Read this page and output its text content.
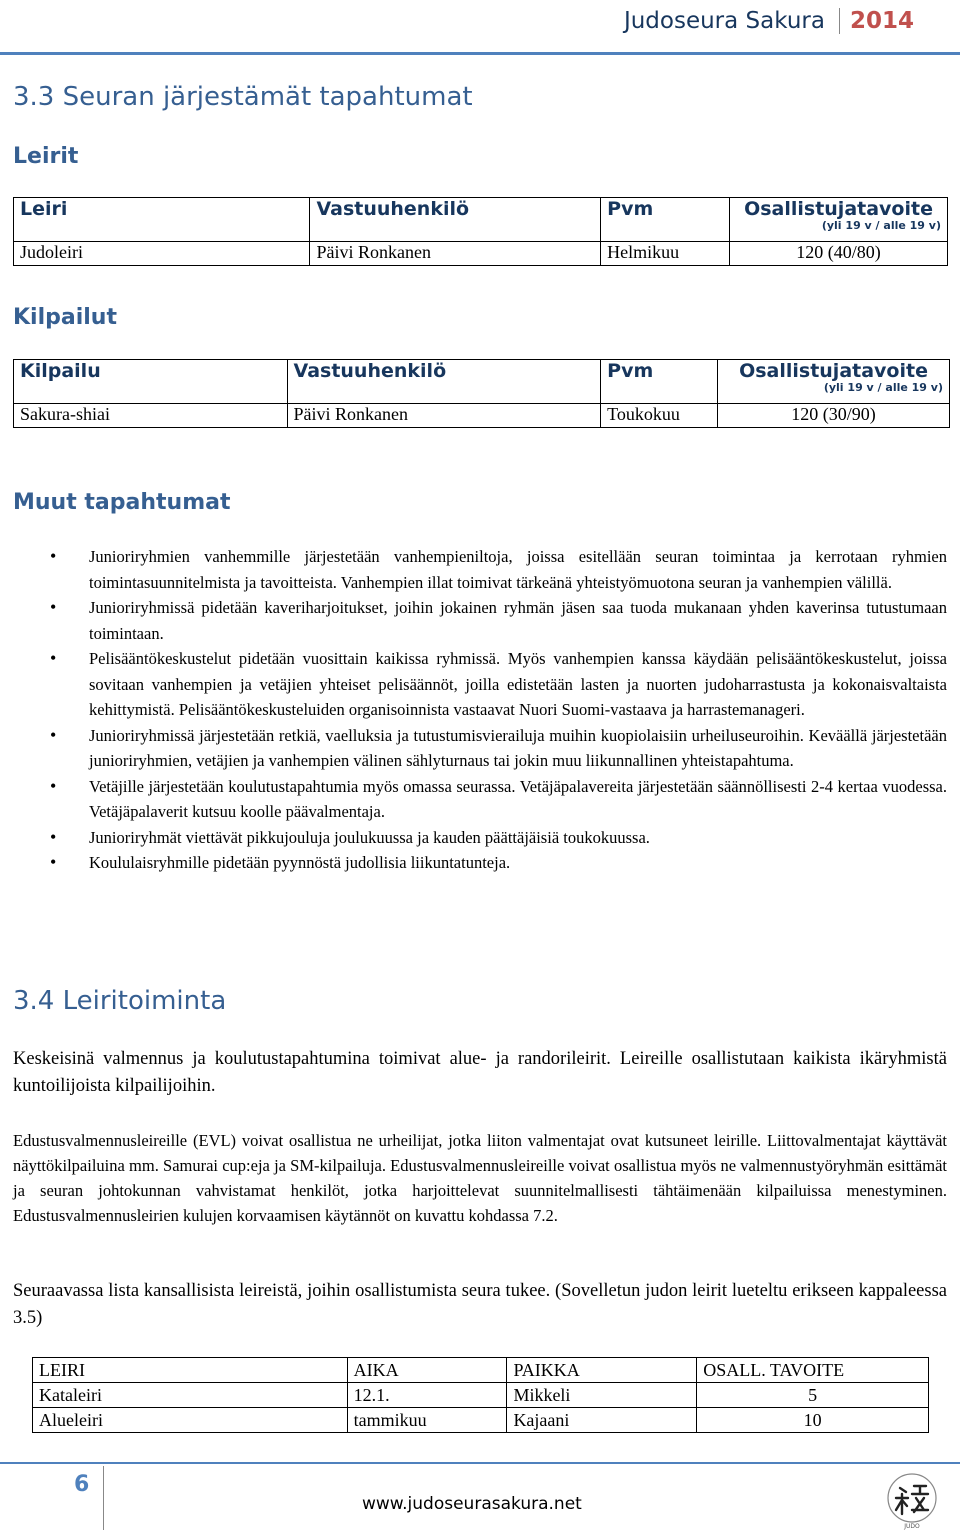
Judoseura Sakura	2014
3.3 Seuran järjestämät tapahtumat
Leirit
Leiri	Vastuuhenkilö	Pvm	Osallistujatavoite
(yli 19 v / alle 19 v)

Judoleiri	Päivi Ronkanen	Helmikuu	120 (40/80)
Kilpailut
Kilpailu	Vastuuhenkilö	Pvm	Osallistujatavoite
(yli 19 v / alle 19 v)

Sakura-shiai	Päivi Ronkanen	Toukokuu	120 (30/90)
Muut tapahtumat
• Junioriryhmien vanhemmille järjestetään vanhempieniltoja, joissa esitellään seuran toimintaa ja kerrotaan ryhmien toimintasuunnitelmista ja tavoitteista. Vanhempien illat toimivat tärkeänä yhteistyömuotona seuran ja vanhempien välillä.
• Junioriryhmissä pidetään kaveriharjoitukset, joihin jokainen ryhmän jäsen saa tuoda mukanaan yhden kaverinsa tutustumaan toimintaan.
• Pelisääntökeskustelut pidetään vuosittain kaikissa ryhmissä. Myös vanhempien kanssa käydään pelisääntökeskustelut, joissa sovitaan vanhempien ja vetäjien yhteiset pelisäännöt, joilla edistetään lasten ja nuorten judoharrastusta ja kokonaisvaltaista kehittymistä. Pelisääntökeskusteluiden organisoinnista vastaavat Nuori Suomi-vastaava ja harrastemanageri.
• Junioriryhmissä järjestetään retkiä, vaelluksia ja tutustumisvierailuja muihin kuopiolaisiin urheiluseuroihin. Keväällä järjestetään junioriryhmien, vetäjien ja vanhempien välinen sählyturnaus tai jokin muu liikunnallinen yhteistapahtuma.
• Vetäjille järjestetään koulutustapahtumia myös omassa seurassa. Vetäjäpalavereita järjestetään säännöllisesti 2-4 kertaa vuodessa. Vetäjäpalaverit kutsuu koolle päävalmentaja.
• Junioriryhmät viettävät pikkujouluja joulukuussa ja kauden päättäjäisiä toukokuussa.
• Koululaisryhmille pidetään pyynnöstä judollisia liikuntatunteja.
3.4 Leiritoiminta

Keskeisinä valmennus ja koulutustapahtumina toimivat alue- ja randorileirit. Leireille osallistutaan kaikista ikäryhmistä kuntoilijoista kilpailijoihin.

Edustusvalmennusleireille (EVL) voivat osallistua ne urheilijat, jotka liiton valmentajat ovat kutsuneet leirille. Liittovalmentajat käyttävät näyttökilpailuina mm. Samurai cup:eja ja SM-kilpailuja. Edustusvalmennusleireille voivat osallistua myös ne valmennustyöryhmän esittämät ja seuran johtokunnan vahvistamat henkilöt, jotka harjoittelevat suunnitelmallisesti tähtäimenään kilpailuissa menestyminen. Edustusvalmennusleirien kulujen korvaamisen käytännöt on kuvattu kohdassa 7.2.

Seuraavassa lista kansallisista leireistä, joihin osallistumista seura tukee. (Sovelletun judon leirit lueteltu erikseen kappaleessa 3.5)

LEIRI	AIKA	PAIKKA	OSALL. TAVOITE
Kataleiri	12.1.	Mikkeli	5
Alueleiri	tammikuu	Kajaani	10
6
www.judoseurasakura.net
JUDO
